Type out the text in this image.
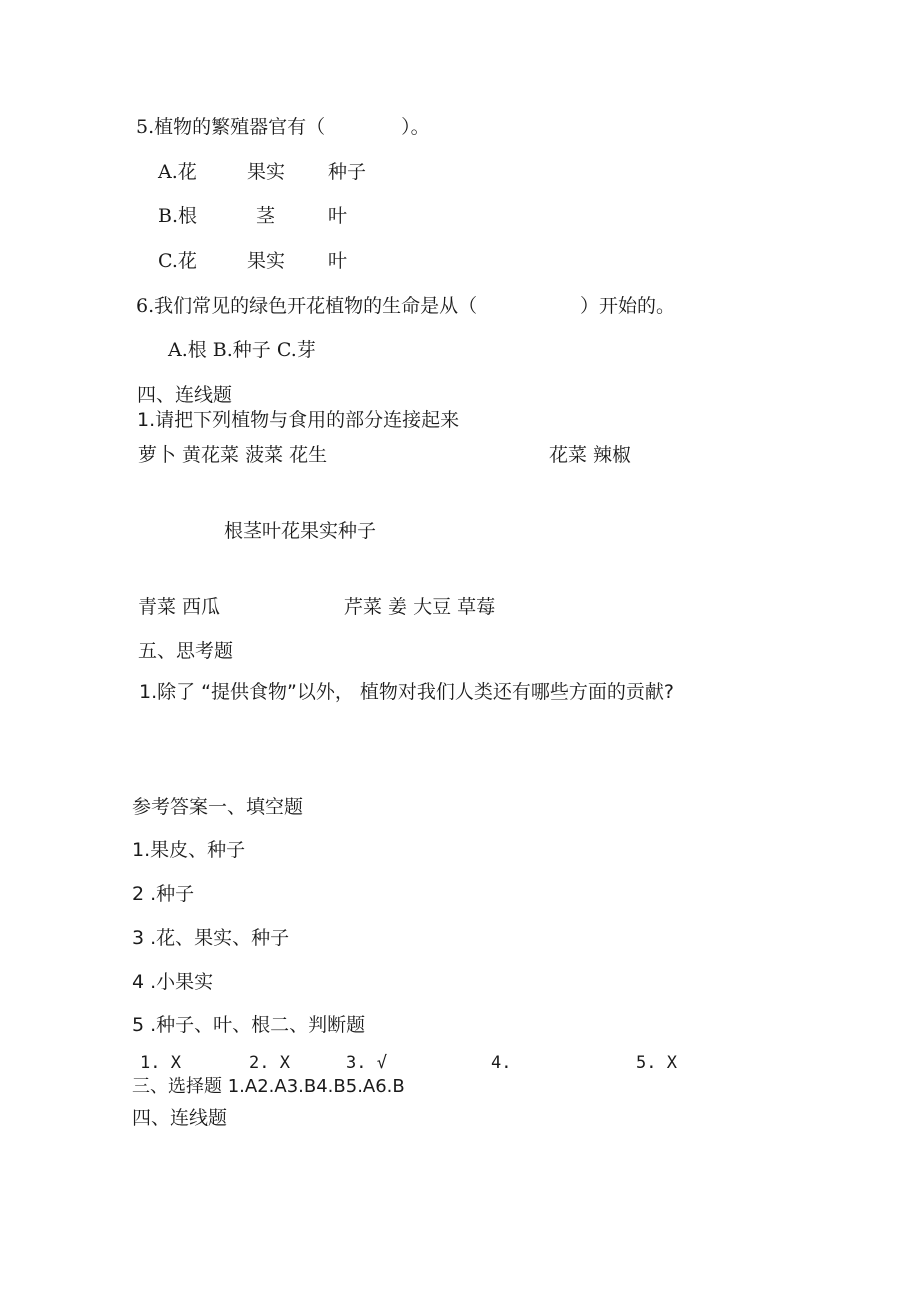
5.植物的繁殖器官有（　　　　）。
A.花	果实 种子
B.根	茎	叶
C.花	果实 叶
6.我们常见的绿色开花植物的生命是从（	）开始的。
A.根 B.种子 C.芽
四、连线题
1.请把下列植物与食用的部分连接起来
萝卜 黄花菜 菠菜 花生	花菜 辣椒
根茎叶花果实种子
青菜 西瓜	芹菜 姜 大豆 草莓
五、思考题
1.除了 “提供食物”以外， 植物对我们人类还有哪些方面的贡献?
参考答案一、填空题
1.果皮、种子
2 .种子
3 .花、果实、种子
4 .小果实
5 .种子、叶、根二、判断题
1. X	2. X	3. √	4.	5. X
三、选择题 1.A2.A3.B4.B5.A6.B
四、连线题
